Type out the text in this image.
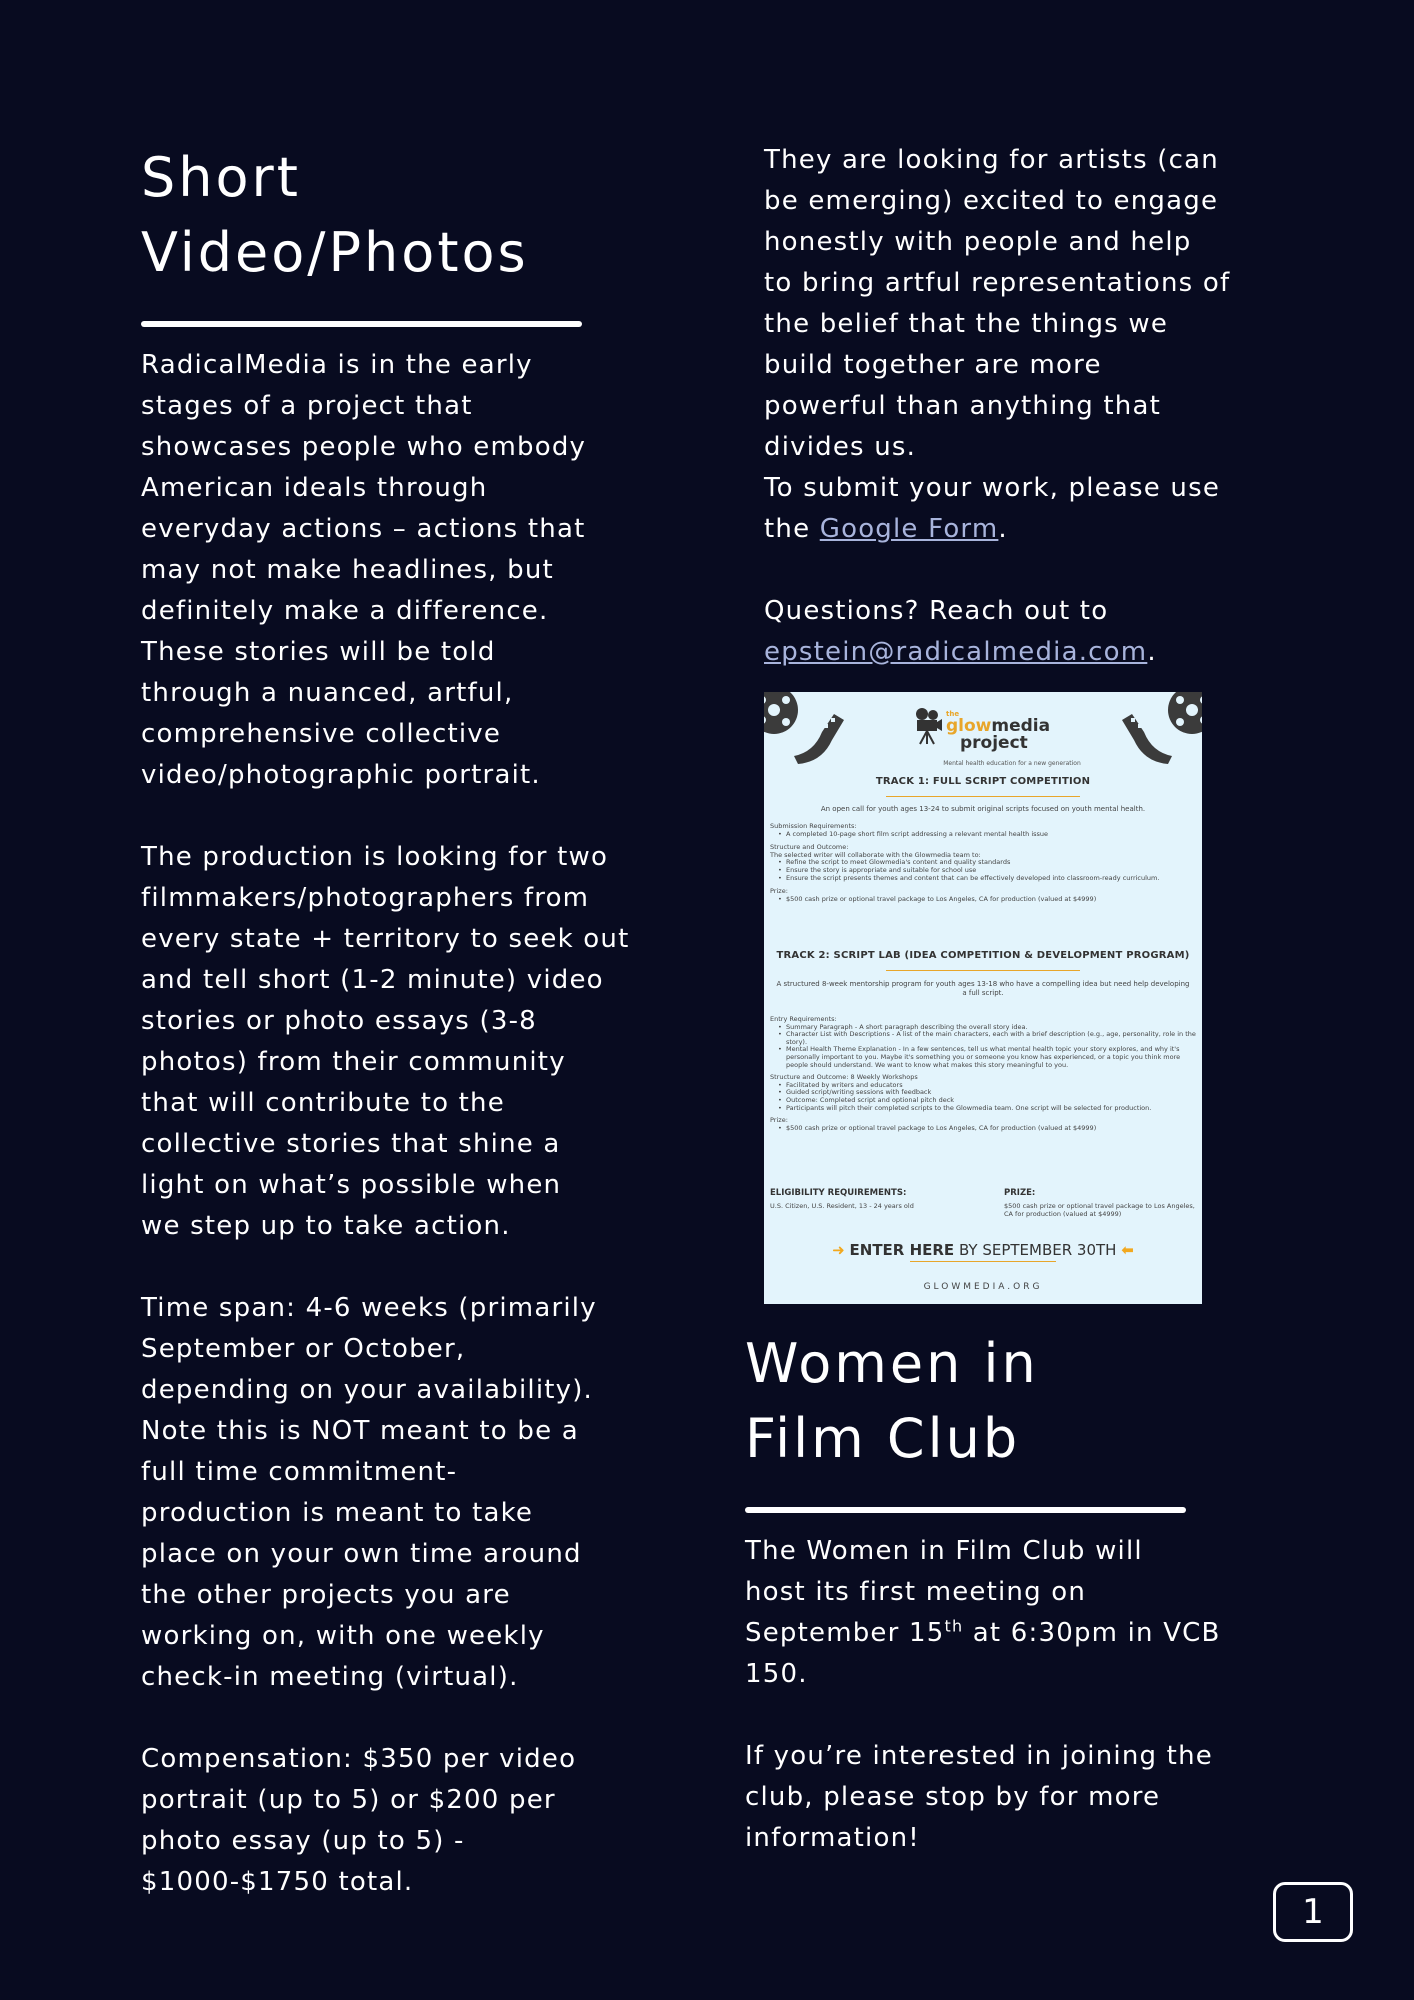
Short
Video/Photos
RadicalMedia is in the early
stages of a project that
showcases people who embody
American ideals through
everyday actions – actions that
may not make headlines, but
definitely make a difference.
These stories will be told
through a nuanced, artful,
comprehensive collective
video/photographic portrait.
The production is looking for two
filmmakers/photographers from
every state + territory to seek out
and tell short (1-2 minute) video
stories or photo essays (3-8
photos) from their community
that will contribute to the
collective stories that shine a
light on what’s possible when
we step up to take action.
Time span: 4-6 weeks (primarily
September or October,
depending on your availability).
Note this is NOT meant to be a
full time commitment-
production is meant to take
place on your own time around
the other projects you are
working on, with one weekly
check-in meeting (virtual).
Compensation: $350 per video
portrait (up to 5) or $200 per
photo essay (up to 5) -
$1000-$1750 total.
They are looking for artists (can
be emerging) excited to engage
honestly with people and help
to bring artful representations of
the belief that the things we
build together are more
powerful than anything that
divides us.
To submit your work, please use
the Google Form.
Questions? Reach out to
epstein@radicalmedia.com.
the
glowmedia
project
Mental health education for a new generation
TRACK 1: FULL SCRIPT COMPETITION
An open call for youth ages 13-24 to submit original scripts focused on youth mental health.
Submission Requirements:
• A completed 10-page short film script addressing a relevant mental health issue
Structure and Outcome:
The selected writer will collaborate with the Glowmedia team to:
• Refine the script to meet Glowmedia's content and quality standards
• Ensure the story is appropriate and suitable for school use
• Ensure the script presents themes and content that can be effectively developed into classroom-ready curriculum.
Prize:
• $500 cash prize or optional travel package to Los Angeles, CA for production (valued at $4999)
TRACK 2: SCRIPT LAB (IDEA COMPETITION & DEVELOPMENT PROGRAM)
A structured 8-week mentorship program for youth ages 13-18 who have a compelling idea but need help developing a full script.
Entry Requirements:
• Summary Paragraph - A short paragraph describing the overall story idea.
• Character List with Descriptions - A list of the main characters, each with a brief description (e.g., age, personality, role in the story).
• Mental Health Theme Explanation - In a few sentences, tell us what mental health topic your story explores, and why it's personally important to you. Maybe it's something you or someone you know has experienced, or a topic you think more people should understand. We want to know what makes this story meaningful to you.
Structure and Outcome: 8 Weekly Workshops
• Facilitated by writers and educators
• Guided script/writing sessions with feedback
• Outcome: Completed script and optional pitch deck
• Participants will pitch their completed scripts to the Glowmedia team. One script will be selected for production.
Prize:
• $500 cash prize or optional travel package to Los Angeles, CA for production (valued at $4999)
ELIGIBILITY REQUIREMENTS:
U.S. Citizen, U.S. Resident, 13 - 24 years old
PRIZE:
$500 cash prize or optional travel package to Los Angeles, CA for production (valued at $4999)
➜ ENTER HERE BY SEPTEMBER 30TH ⬅
GLOWMEDIA.ORG
Women in
Film Club
The Women in Film Club will
host its first meeting on
September 15th at 6:30pm in VCB
150.
If you’re interested in joining the
club, please stop by for more
information!
1
